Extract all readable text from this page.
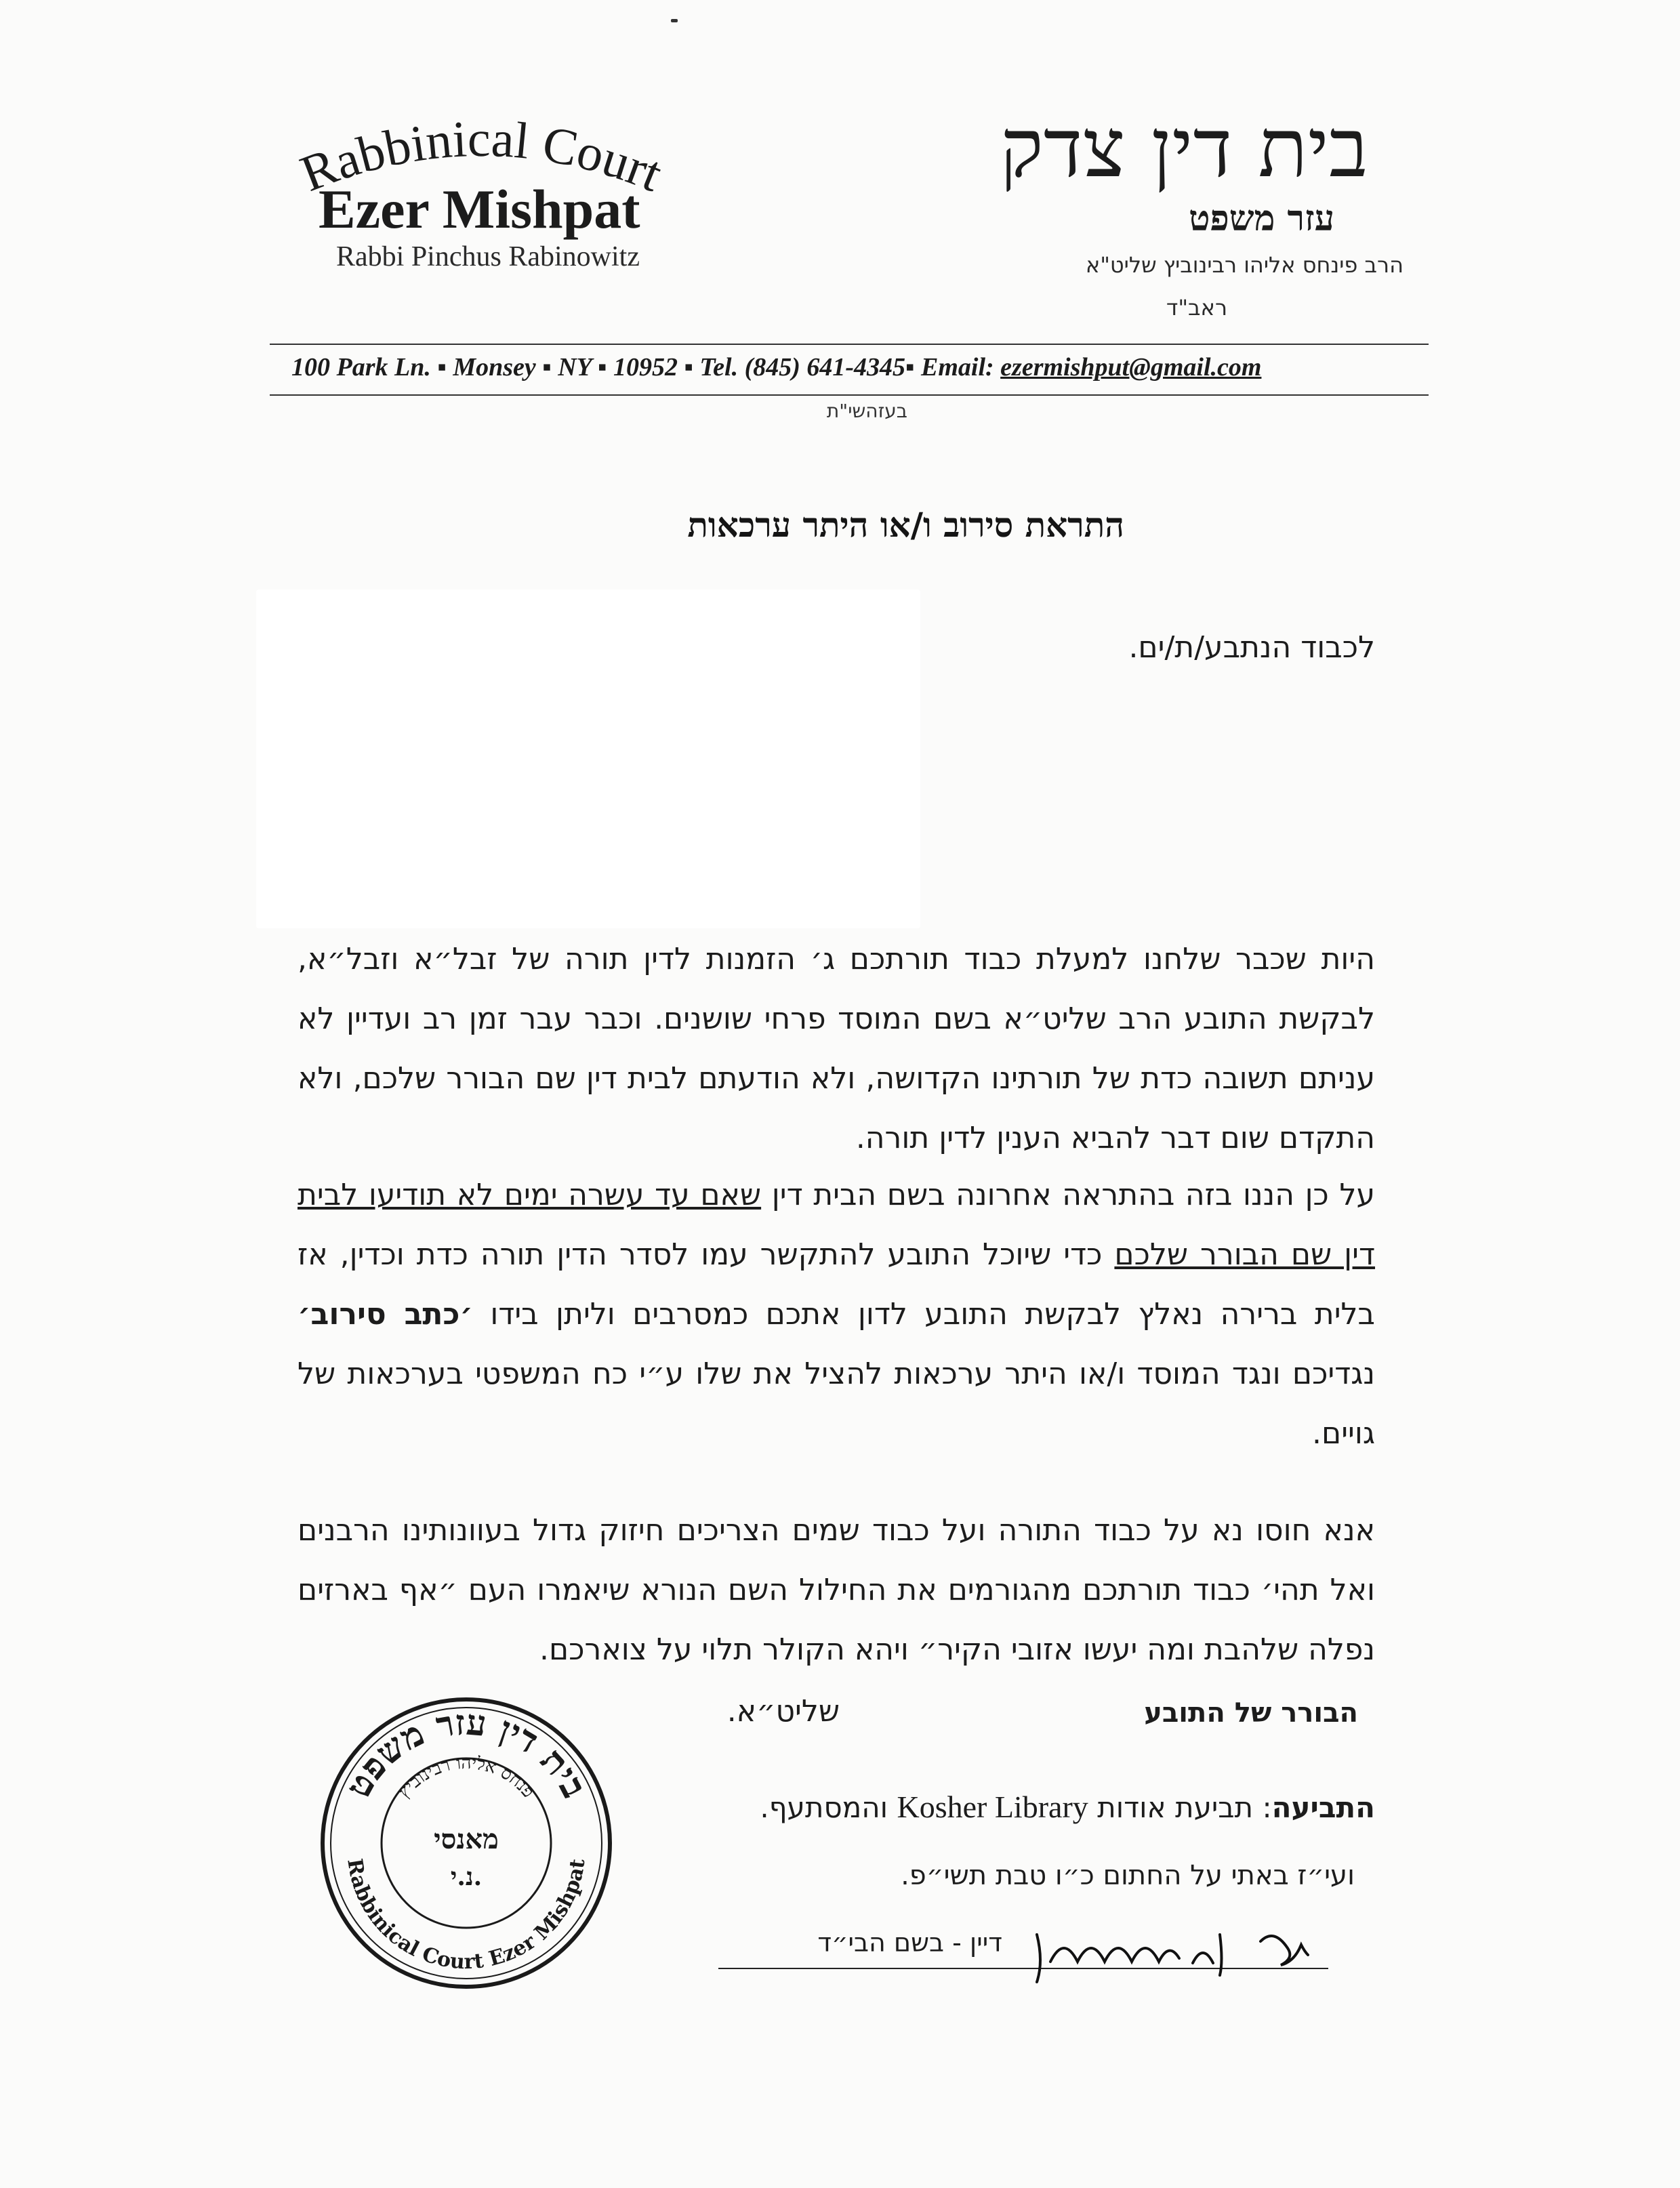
Rabbinical Court
Ezer Mishpat
Rabbi Pinchus Rabinowitz
בית דין צדק
עזר משפט
הרב פינחס אליהו רבינוביץ שליט"א
ראב"ד
100 Park Ln. ▪ Monsey ▪ NY ▪ 10952 ▪ Tel. (845) 641-4345▪ Email: ezermishput@gmail.com
בעזהשי"ת
התראת סירוב ו/או היתר ערכאות
לכבוד הנתבע/ת/ים.
היות שכבר שלחנו למעלת כבוד תורתכם ג׳ הזמנות לדין תורה של זבל״א וזבל״א, לבקשת התובע הרב שליט״א בשם המוסד פרחי שושנים. וכבר עבר זמן רב ועדיין לא עניתם תשובה כדת של תורתינו הקדושה, ולא הודעתם לבית דין שם הבורר שלכם, ולא התקדם שום דבר להביא הענין לדין תורה.
על כן הננו בזה בהתראה אחרונה בשם הבית דין שאם עד עשרה ימים לא תודיעו לבית דין שם הבורר שלכם כדי שיוכל התובע להתקשר עמו לסדר הדין תורה כדת וכדין, אז בלית ברירה נאלץ לבקשת התובע לדון אתכם כמסרבים וליתן בידו ׳כתב סירוב׳ נגדיכם ונגד המוסד ו/או היתר ערכאות להציל את שלו ע״י כח המשפטי בערכאות של גויים.
אנא חוסו נא על כבוד התורה ועל כבוד שמים הצריכים חיזוק גדול בעוונותינו הרבנים ואל תהי׳ כבוד תורתכם מהגורמים את החילול השם הנורא שיאמרו העם ״אף בארזים נפלה שלהבת ומה יעשו אזובי הקיר״ ויהא הקולר תלוי על צוארכם.
הבורר של התובע
שליט״א.
התביעה: תביעת אודות Kosher Library והמסתעף.
ועי״ז באתי על החתום כ״ו טבת תשי״פ.
דיין - בשם הבי״ד
בית דין עזר משפט
Rabbinical Court Ezer Mishpat
פנחס אליהו רבינוביץ
מאנסי
נ.י.
